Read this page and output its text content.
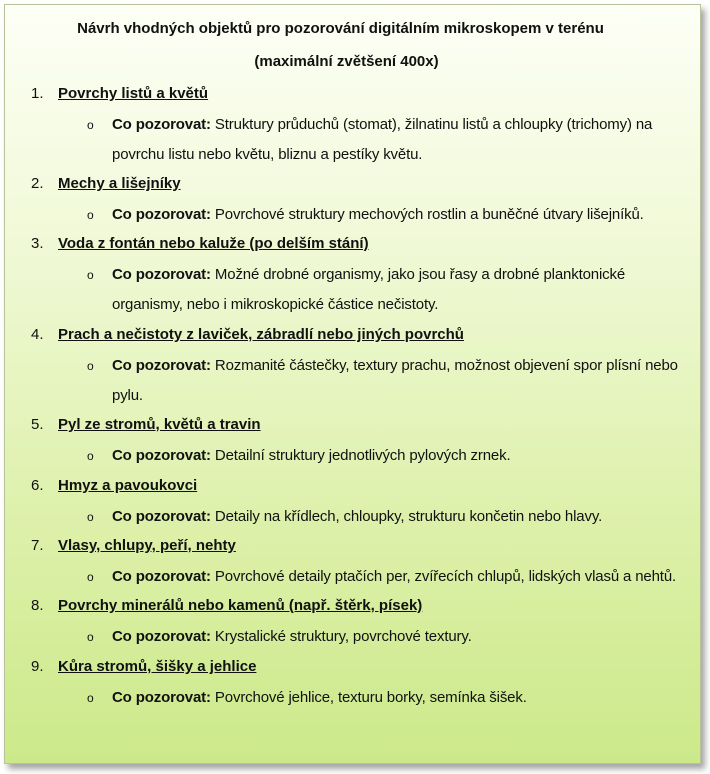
Návrh vhodných objektů pro pozorování digitálním mikroskopem v terénu
(maximální zvětšení 400x)
1. Povrchy listů a květů
o Co pozorovat: Struktury průduchů (stomat), žilnatinu listů a chloupky (trichomy) na povrchu listu nebo květu, bliznu a pestíky květu.
2. Mechy a lišejníky
o Co pozorovat: Povrchové struktury mechových rostlin a buněčné útvary lišejníků.
3. Voda z fontán nebo kaluže (po delším stání)
o Co pozorovat: Možné drobné organismy, jako jsou řasy a drobné planktonické organismy, nebo i mikroskopické částice nečistoty.
4. Prach a nečistoty z laviček, zábradlí nebo jiných povrchů
o Co pozorovat: Rozmanité částečky, textury prachu, možnost objevení spor plísní nebo pylu.
5. Pyl ze stromů, květů a travin
o Co pozorovat: Detailní struktury jednotlivých pylových zrnek.
6. Hmyz a pavoukovci
o Co pozorovat: Detaily na křídlech, chloupky, strukturu končetin nebo hlavy.
7. Vlasy, chlupy, peří, nehty
o Co pozorovat: Povrchové detaily ptačích per, zvířecích chlupů, lidských vlasů a nehtů.
8. Povrchy minerálů nebo kamenů (např. štěrk, písek)
o Co pozorovat: Krystalické struktury, povrchové textury.
9. Kůra stromů, šišky a jehlice
o Co pozorovat: Povrchové jehlice, texturu borky, semínka šišek.
